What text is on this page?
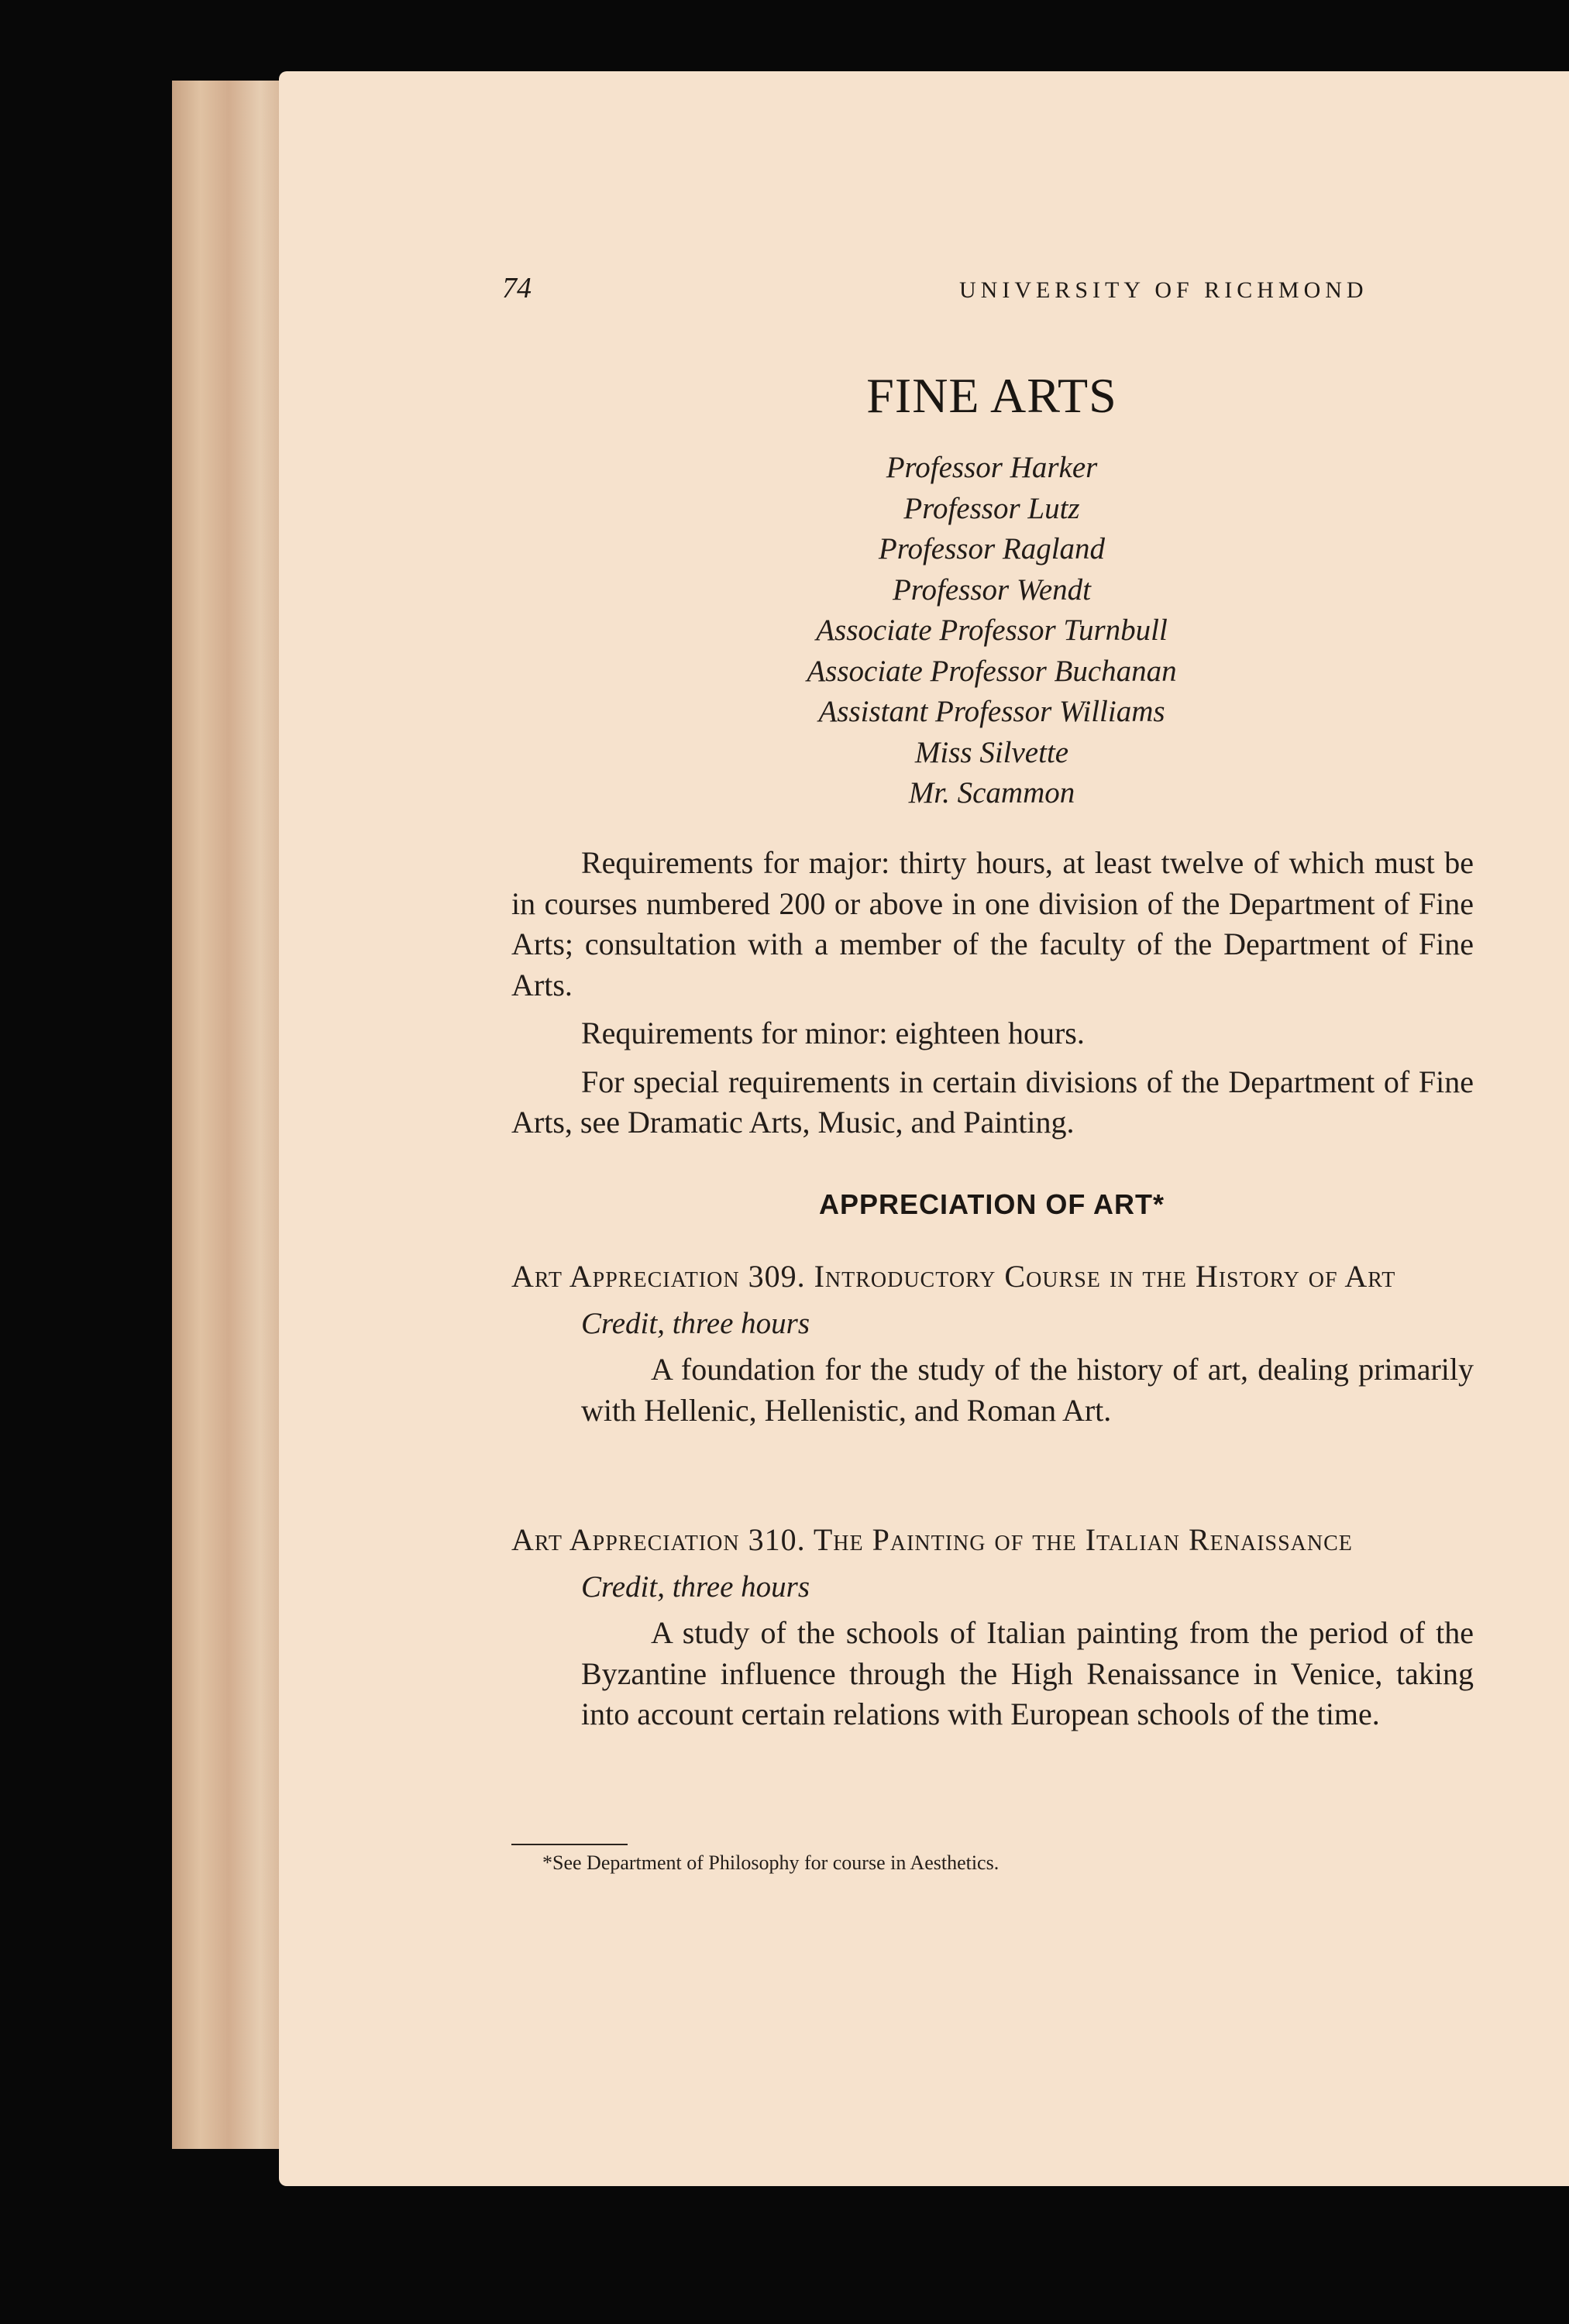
74	UNIVERSITY OF RICHMOND
FINE ARTS
Professor Harker
Professor Lutz
Professor Ragland
Professor Wendt
Associate Professor Turnbull
Associate Professor Buchanan
Assistant Professor Williams
Miss Silvette
Mr. Scammon

Requirements for major: thirty hours, at least twelve of which must be in courses numbered 200 or above in one division of the Department of Fine Arts; consultation with a member of the faculty of the Department of Fine Arts.

Requirements for minor: eighteen hours.

For special requirements in certain divisions of the Department of Fine Arts, see Dramatic Arts, Music, and Painting.

APPRECIATION OF ART*
Art Appreciation 309. Introductory Course in the History of Art
Credit, three hours
A foundation for the study of the history of art, dealing primarily with Hellenic, Hellenistic, and Roman Art.
Art Appreciation 310. The Painting of the Italian Renaissance
Credit, three hours
A study of the schools of Italian painting from the period of the Byzantine influence through the High Renaissance in Venice, taking into account certain relations with European schools of the time.
*See Department of Philosophy for course in Aesthetics.
